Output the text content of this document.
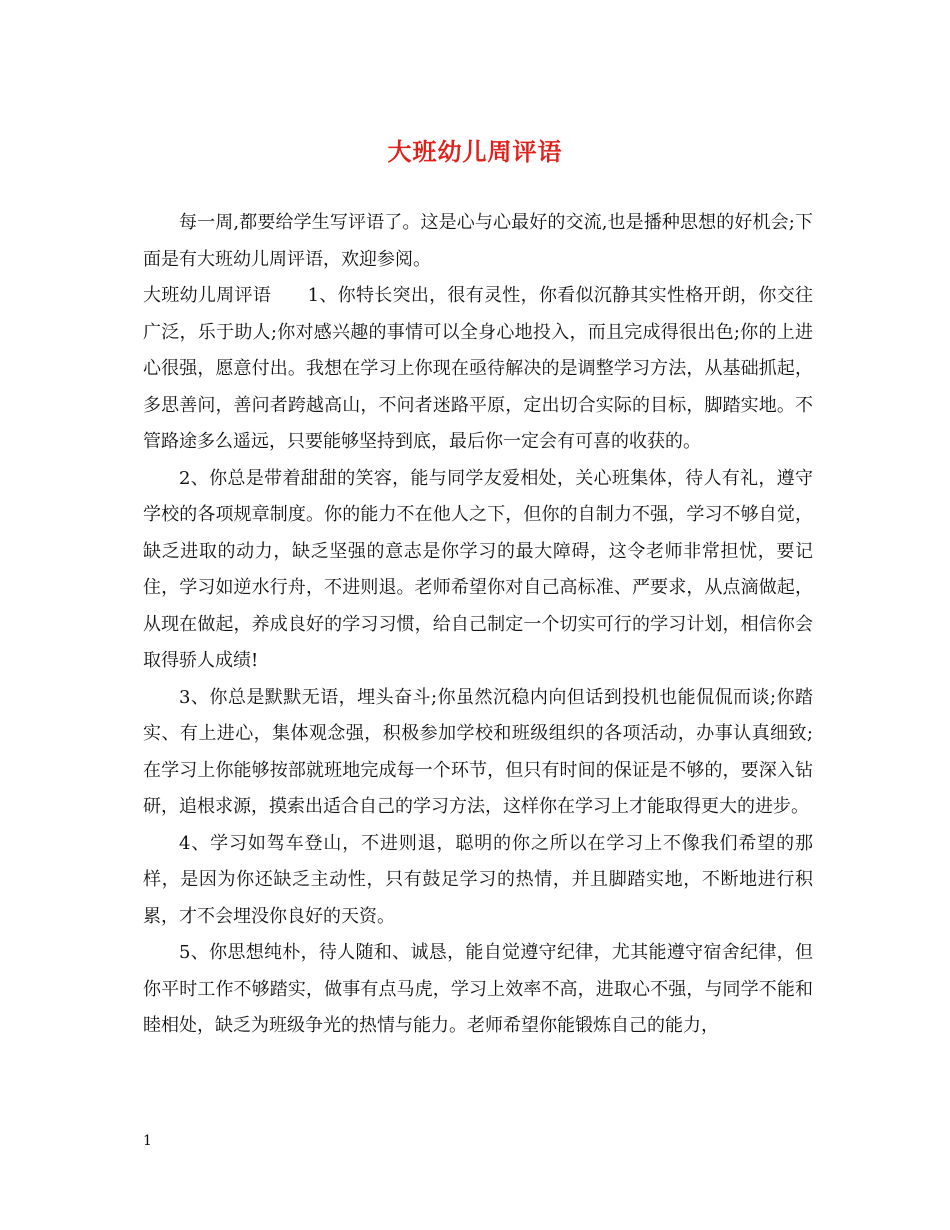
大班幼儿周评语

每一周,都要给学生写评语了。这是心与心最好的交流,也是播种思想的好机会;下面是有大班幼儿周评语，欢迎参阅。

大班幼儿周评语　　1、你特长突出，很有灵性，你看似沉静其实性格开朗，你交往广泛，乐于助人;你对感兴趣的事情可以全身心地投入，而且完成得很出色;你的上进心很强，愿意付出。我想在学习上你现在亟待解决的是调整学习方法，从基础抓起，多思善问，善问者跨越高山，不问者迷路平原，定出切合实际的目标，脚踏实地。不管路途多么遥远，只要能够坚持到底，最后你一定会有可喜的收获的。

2、你总是带着甜甜的笑容，能与同学友爱相处，关心班集体，待人有礼，遵守学校的各项规章制度。你的能力不在他人之下，但你的自制力不强，学习不够自觉，缺乏进取的动力，缺乏坚强的意志是你学习的最大障碍，这令老师非常担忧，要记住，学习如逆水行舟，不进则退。老师希望你对自己高标准、严要求，从点滴做起，从现在做起，养成良好的学习习惯，给自己制定一个切实可行的学习计划，相信你会取得骄人成绩!

3、你总是默默无语，埋头奋斗;你虽然沉稳内向但话到投机也能侃侃而谈;你踏实、有上进心，集体观念强，积极参加学校和班级组织的各项活动，办事认真细致;在学习上你能够按部就班地完成每一个环节，但只有时间的保证是不够的，要深入钻研，追根求源，摸索出适合自己的学习方法，这样你在学习上才能取得更大的进步。

4、学习如驾车登山，不进则退，聪明的你之所以在学习上不像我们希望的那样，是因为你还缺乏主动性，只有鼓足学习的热情，并且脚踏实地，不断地进行积累，才不会埋没你良好的天资。

5、你思想纯朴，待人随和、诚恳，能自觉遵守纪律，尤其能遵守宿舍纪律，但你平时工作不够踏实，做事有点马虎，学习上效率不高，进取心不强，与同学不能和睦相处，缺乏为班级争光的热情与能力。老师希望你能锻炼自己的能力，

1
